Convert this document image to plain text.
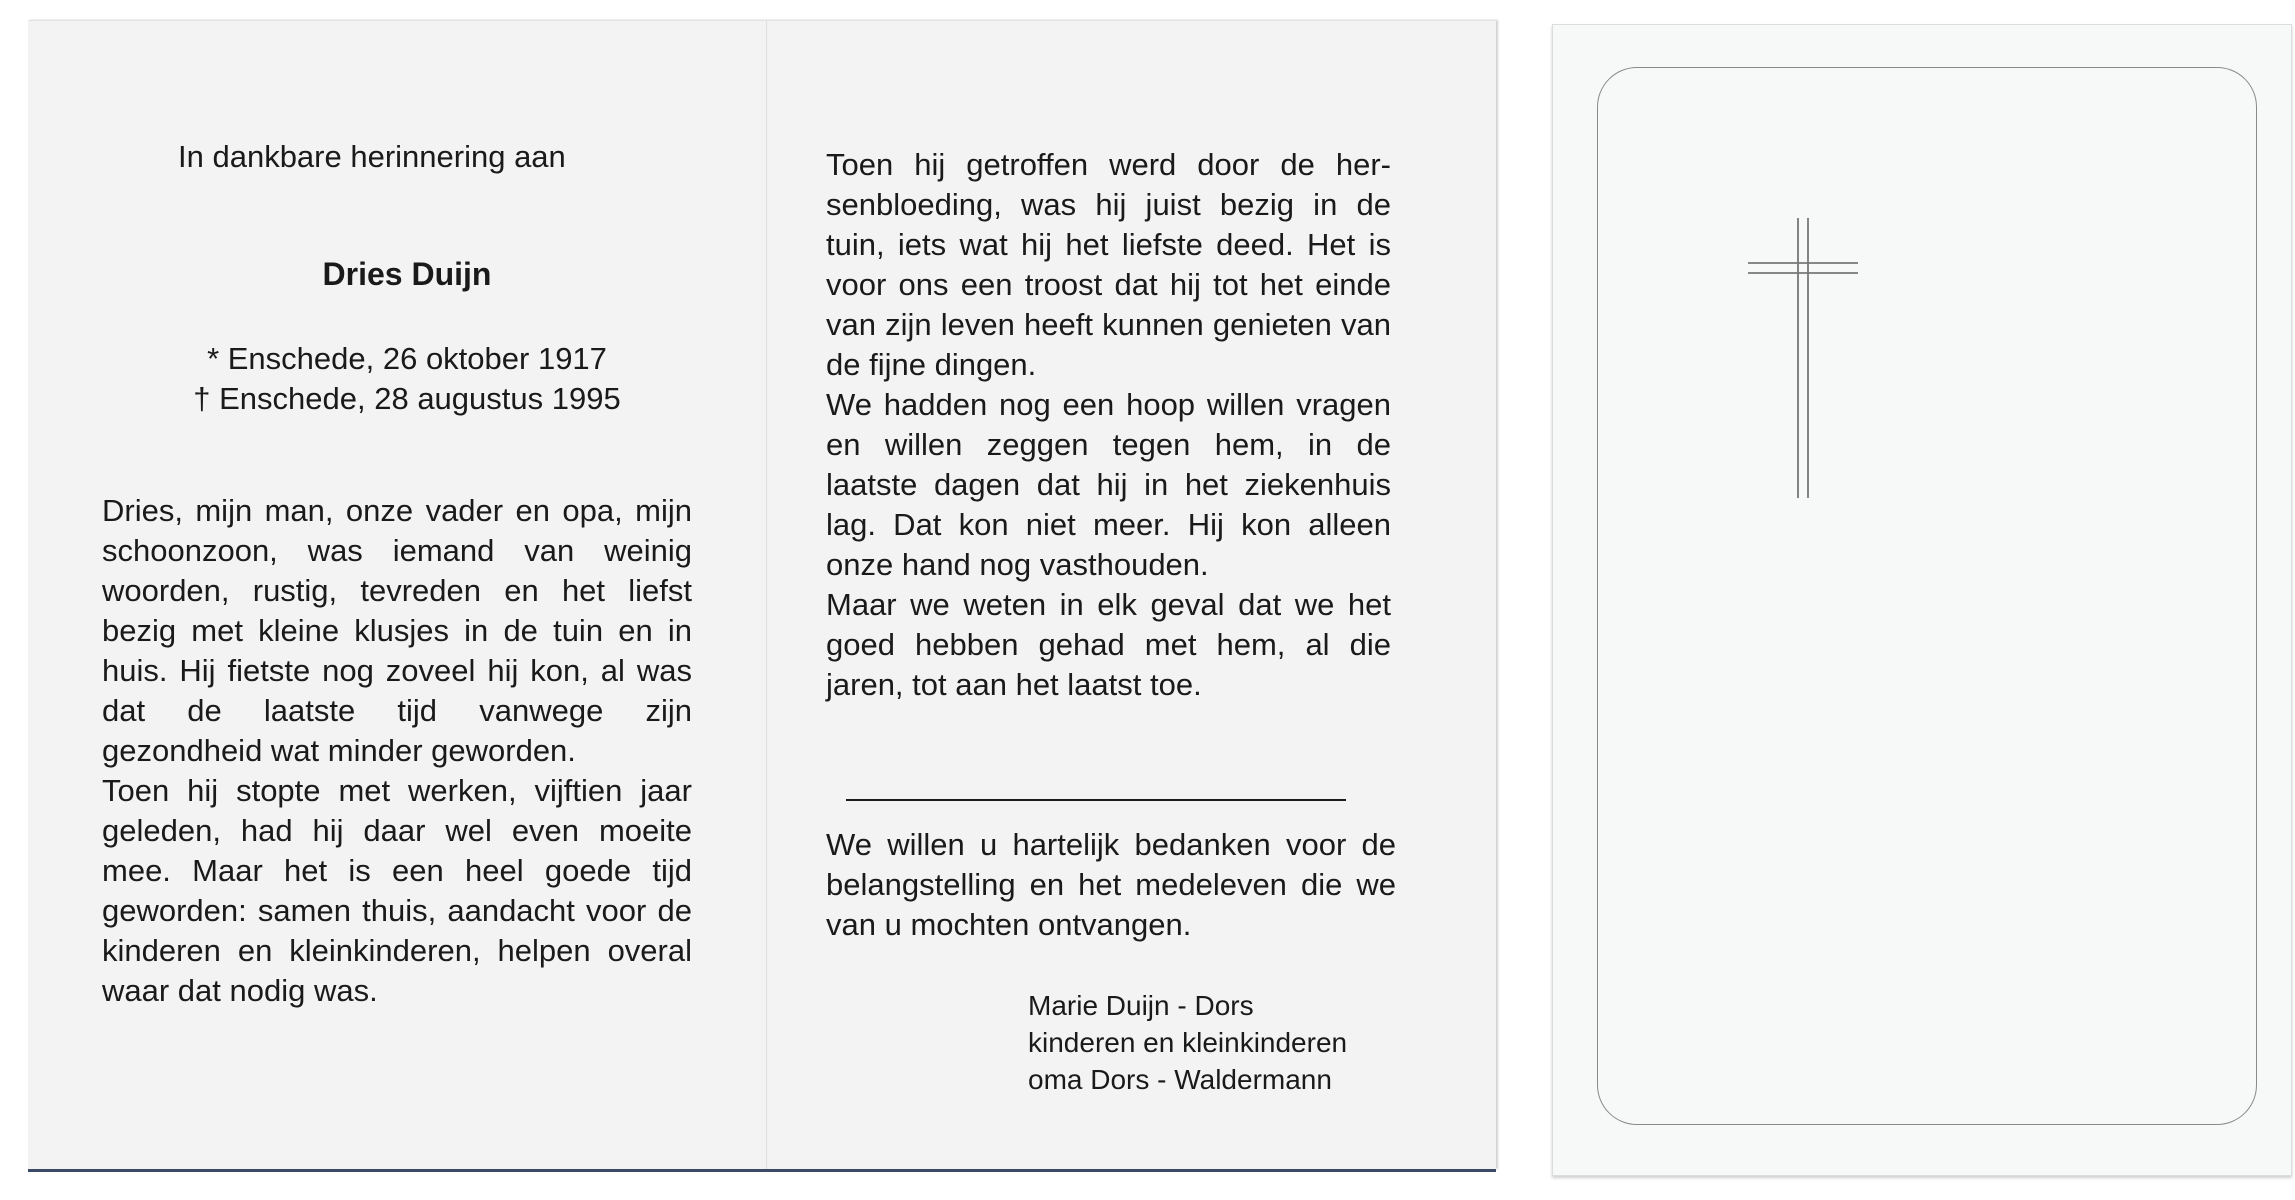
In dankbare herinnering aan
Dries Duijn
* Enschede, 26 oktober 1917
† Enschede, 28 augustus 1995

Dries, mijn man, onze vader en opa, mijn schoonzoon, was iemand van weinig woorden, rustig, tevreden en het liefst bezig met kleine klusjes in de tuin en in huis. Hij fietste nog zoveel hij kon, al was dat de laatste tijd vanwege zijn gezondheid wat minder geworden.

Toen hij stopte met werken, vijftien jaar geleden, had hij daar wel even moeite mee. Maar het is een heel goede tijd geworden: samen thuis, aandacht voor de kinderen en kleinkinderen, helpen overal waar dat nodig was.

Toen hij getroffen werd door de hersenbloeding, was hij juist bezig in de tuin, iets wat hij het liefste deed. Het is voor ons een troost dat hij tot het einde van zijn leven heeft kunnen genieten van de fijne dingen.

We hadden nog een hoop willen vragen en willen zeggen tegen hem, in de laatste dagen dat hij in het ziekenhuis lag. Dat kon niet meer. Hij kon alleen onze hand nog vasthouden.

Maar we weten in elk geval dat we het goed hebben gehad met hem, al die jaren, tot aan het laatst toe.

We willen u hartelijk bedanken voor de belangstelling en het medeleven die we van u mochten ontvangen.

Marie Duijn - Dors
kinderen en kleinkinderen
oma Dors - Waldermann
